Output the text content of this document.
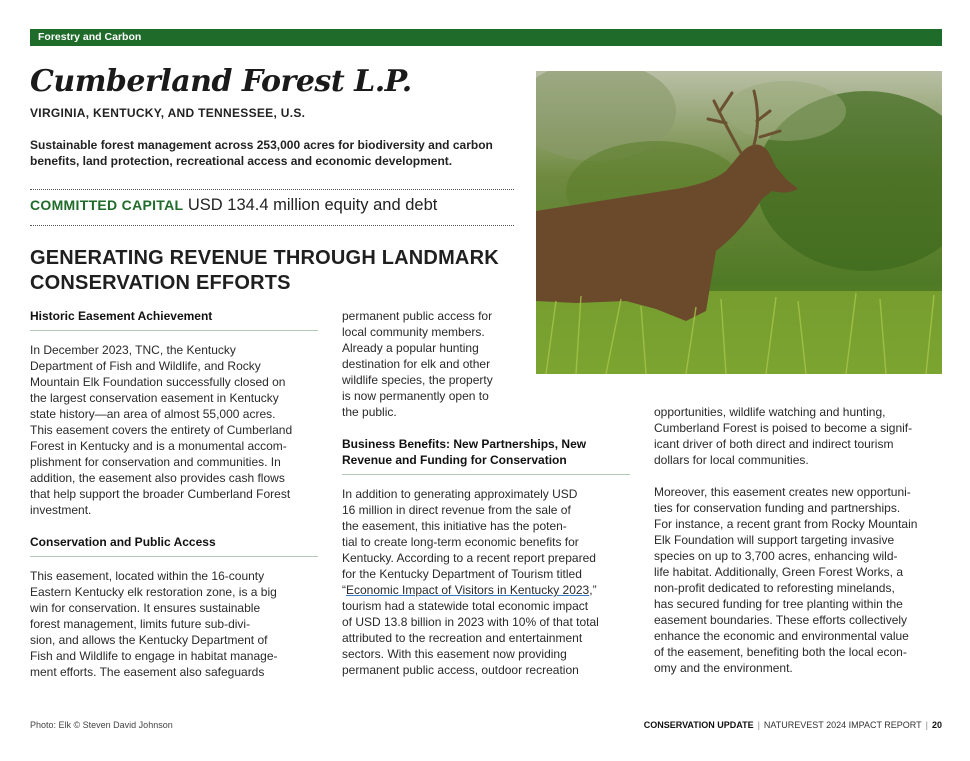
Forestry and Carbon
Cumberland Forest L.P.
VIRGINIA, KENTUCKY, AND TENNESSEE, U.S.
Sustainable forest management across 253,000 acres for biodiversity and carbon benefits, land protection, recreational access and economic development.
COMMITTED CAPITAL USD 134.4 million equity and debt
GENERATING REVENUE THROUGH LANDMARK CONSERVATION EFFORTS

Historic Easement Achievement

In December 2023, TNC, the Kentucky

Department of Fish and Wildlife, and Rocky

Mountain Elk Foundation successfully closed on

the largest conservation easement in Kentucky

state history—an area of almost 55,000 acres.

This easement covers the entirety of Cumberland

Forest in Kentucky and is a monumental accom-

plishment for conservation and communities. In

addition, the easement also provides cash flows

that help support the broader Cumberland Forest

investment.

Conservation and Public Access

This easement, located within the 16-county

Eastern Kentucky elk restoration zone, is a big

win for conservation. It ensures sustainable

forest management, limits future sub-divi-

sion, and allows the Kentucky Department of

Fish and Wildlife to engage in habitat manage-

ment efforts. The easement also safeguards

permanent public access for

local community members.

Already a popular hunting

destination for elk and other

wildlife species, the property

is now permanently open to

the public.

Business Benefits: New Partnerships, New

Revenue and Funding for Conservation

In addition to generating approximately USD

16 million in direct revenue from the sale of

the easement, this initiative has the poten-

tial to create long-term economic benefits for

Kentucky. According to a recent report prepared

for the Kentucky Department of Tourism titled

“Economic Impact of Visitors in Kentucky 2023,”

tourism had a statewide total economic impact

of USD 13.8 billion in 2023 with 10% of that total

attributed to the recreation and entertainment

sectors. With this easement now providing

permanent public access, outdoor recreation

opportunities, wildlife watching and hunting,

Cumberland Forest is poised to become a signif-

icant driver of both direct and indirect tourism

dollars for local communities.

Moreover, this easement creates new opportuni-

ties for conservation funding and partnerships.

For instance, a recent grant from Rocky Mountain

Elk Foundation will support targeting invasive

species on up to 3,700 acres, enhancing wild-

life habitat. Additionally, Green Forest Works, a

non-profit dedicated to reforesting minelands,

has secured funding for tree planting within the

easement boundaries. These efforts collectively

enhance the economic and environmental value

of the easement, benefiting both the local econ-

omy and the environment.

Photo: Elk © Steven David Johnson	CONSERVATION UPDATE | NATUREVEST 2024 IMPACT REPORT | 20
